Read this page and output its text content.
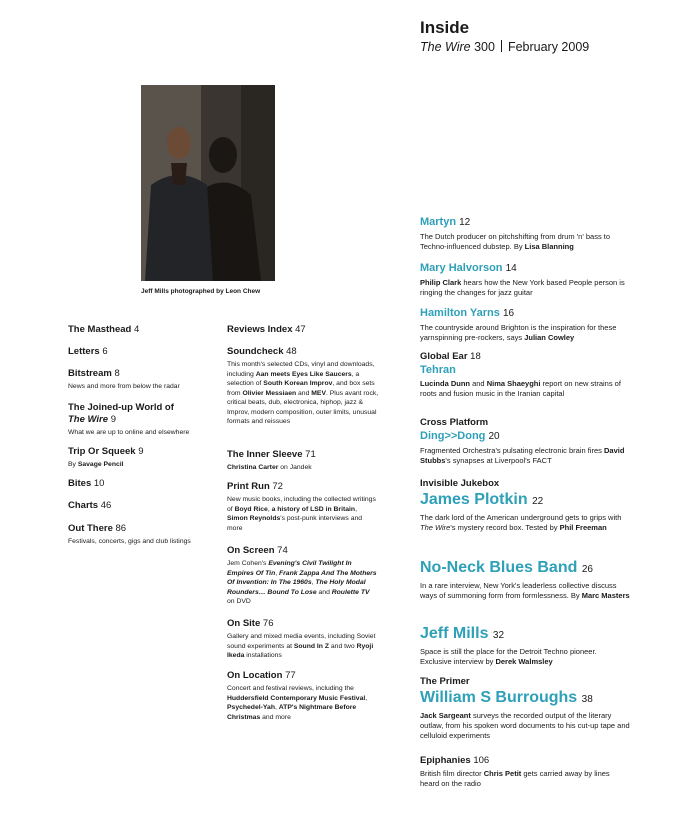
Inside
The Wire 300 February 2009
Jeff Mills photographed by Leon Chew
The Masthead 4
Letters 6
Bitstream 8
News and more from below the radar
The Joined-up World of
The Wire 9
What we are up to online and elsewhere
Trip Or Squeek 9
By Savage Pencil
Bites 10
Charts 46
Out There 86
Festivals, concerts, gigs and club listings
Reviews Index 47
Soundcheck 48
This month's selected CDs, vinyl and downloads, including Aan meets Eyes Like Saucers, a selection of South Korean Improv, and box sets from Olivier Messiaen and MEV. Plus avant rock, critical beats, dub, electronica, hiphop, jazz & Improv, modern composition, outer limits, unusual formats and reissues
The Inner Sleeve 71
Christina Carter on Jandek
Print Run 72
New music books, including the collected writings of Boyd Rice, a history of LSD in Britain, Simon Reynolds's post-punk interviews and more
On Screen 74
Jem Cohen's Evening's Civil Twilight In Empires Of Tin, Frank Zappa And The Mothers Of Invention: In The 1960s, The Holy Modal Rounders… Bound To Lose and Roulette TV on DVD
On Site 76
Gallery and mixed media events, including Soviet sound experiments at Sound In Z and two Ryoji Ikeda installations
On Location 77
Concert and festival reviews, including the Huddersfield Contemporary Music Festival, Psychedel-Yah, ATP's Nightmare Before Christmas and more
Martyn 12
The Dutch producer on pitchshifting from drum 'n' bass to Techno-influenced dubstep. By Lisa Blanning
Mary Halvorson 14
Philip Clark hears how the New York based People person is ringing the changes for jazz guitar
Hamilton Yarns 16
The countryside around Brighton is the inspiration for these yarnspinning pre-rockers, says Julian Cowley
Global Ear 18
Tehran
Lucinda Dunn and Nima Shaeyghi report on new strains of roots and fusion music in the Iranian capital
Cross Platform
Ding>>Dong 20
Fragmented Orchestra's pulsating electronic brain fires David Stubbs's synapses at Liverpool's FACT
Invisible Jukebox
James Plotkin 22
The dark lord of the American underground gets to grips with The Wire's mystery record box. Tested by Phil Freeman
No-Neck Blues Band 26
In a rare interview, New York's leaderless collective discuss ways of summoning form from formlessness. By Marc Masters
Jeff Mills 32
Space is still the place for the Detroit Techno pioneer. Exclusive interview by Derek Walmsley
The Primer
William S Burroughs 38
Jack Sargeant surveys the recorded output of the literary outlaw, from his spoken word documents to his cut-up tape and celluloid experiments
Epiphanies 106
British film director Chris Petit gets carried away by lines heard on the radio
